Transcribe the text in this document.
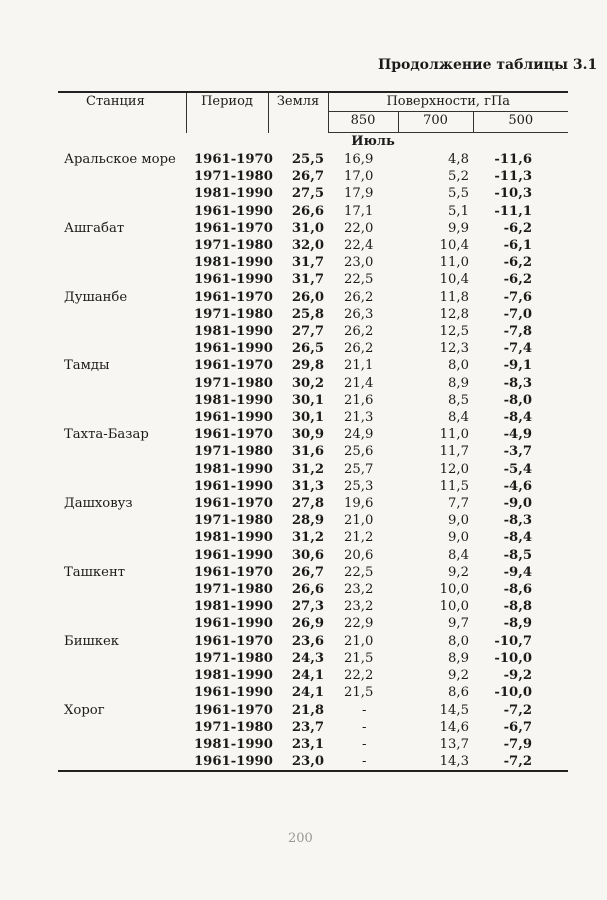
Продолжение таблицы 3.1
Станция	Период	Земля	Поверхности, гПа		
			850	700	500
Июль					
Аральское море	1961-1970	25,5	16,9	4,8	-11,6
	1971-1980	26,7	17,0	5,2	-11,3
	1981-1990	27,5	17,9	5,5	-10,3
	1961-1990	26,6	17,1	5,1	-11,1
Ашгабат	1961-1970	31,0	22,0	9,9	-6,2
	1971-1980	32,0	22,4	10,4	-6,1
	1981-1990	31,7	23,0	11,0	-6,2
	1961-1990	31,7	22,5	10,4	-6,2
Душанбе	1961-1970	26,0	26,2	11,8	-7,6
	1971-1980	25,8	26,3	12,8	-7,0
	1981-1990	27,7	26,2	12,5	-7,8
	1961-1990	26,5	26,2	12,3	-7,4
Тамды	1961-1970	29,8	21,1	8,0	-9,1
	1971-1980	30,2	21,4	8,9	-8,3
	1981-1990	30,1	21,6	8,5	-8,0
	1961-1990	30,1	21,3	8,4	-8,4
Тахта-Базар	1961-1970	30,9	24,9	11,0	-4,9
	1971-1980	31,6	25,6	11,7	-3,7
	1981-1990	31,2	25,7	12,0	-5,4
	1961-1990	31,3	25,3	11,5	-4,6
Дашховуз	1961-1970	27,8	19,6	7,7	-9,0
	1971-1980	28,9	21,0	9,0	-8,3
	1981-1990	31,2	21,2	9,0	-8,4
	1961-1990	30,6	20,6	8,4	-8,5
Ташкент	1961-1970	26,7	22,5	9,2	-9,4
	1971-1980	26,6	23,2	10,0	-8,6
	1981-1990	27,3	23,2	10,0	-8,8
	1961-1990	26,9	22,9	9,7	-8,9
Бишкек	1961-1970	23,6	21,0	8,0	-10,7
	1971-1980	24,3	21,5	8,9	-10,0
	1981-1990	24,1	22,2	9,2	-9,2
	1961-1990	24,1	21,5	8,6	-10,0
Хорог	1961-1970	21,8	-	14,5	-7,2
	1971-1980	23,7	-	14,6	-6,7
	1981-1990	23,1	-	13,7	-7,9
	1961-1990	23,0	-	14,3	-7,2
200
